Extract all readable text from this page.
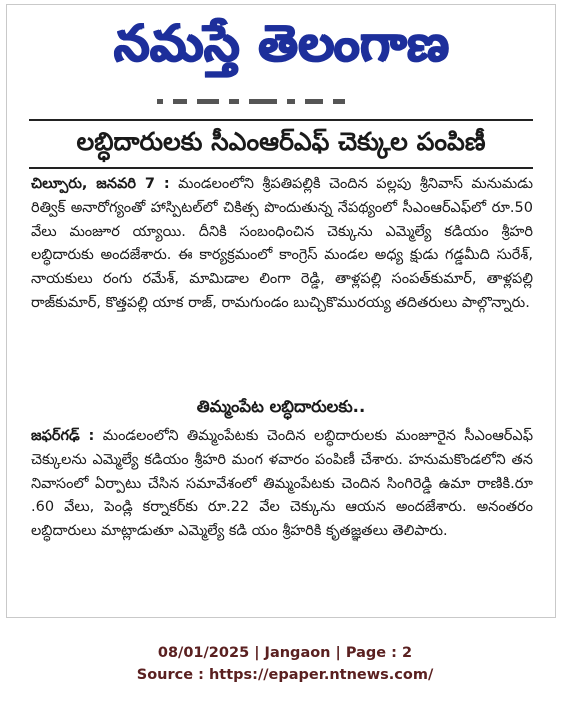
నమస్తే తెలంగాణ
లబ్ధిదారులకు సీఎంఆర్ఎఫ్ చెక్కుల పంపిణీ

చిల్పూరు, జనవరి 7 : మండలంలోని శ్రీపతిపల్లికి చెందిన పల్లపు శ్రీనివాస్ మనుమడు రిత్విక్ అనారోగ్యంతో హాస్పిటల్‌లో చికిత్స పొందుతున్న నేపథ్యంలో సీఎంఆర్ఎఫ్‌లో రూ.50 వేలు మంజూర య్యాయి. దీనికి సంబంధించిన చెక్కును ఎమ్మెల్యే కడియం శ్రీహరి లబ్ధిదారుకు అందజేశారు. ఈ కార్యక్రమంలో కాంగ్రెస్ మండల అధ్య క్షుడు గడ్డమీది సురేశ్, నాయకులు రంగు రమేశ్, మామిడాల లింగా రెడ్డి, తాళ్లపల్లి సంపత్‌కుమార్, తాళ్లపల్లి రాజ్‌కుమార్, కొత్తపల్లి యాక రాజ్, రామగుండం బుచ్చికొమురయ్య తదితరులు పాల్గొన్నారు.

తిమ్మంపేట లబ్ధిదారులకు..

జఫర్‌గఢ్ : మండలంలోని తిమ్మంపేటకు చెందిన లబ్ధిదారులకు మంజూరైన సీఎంఆర్ఎఫ్ చెక్కులను ఎమ్మెల్యే కడియం శ్రీహరి మంగ ళవారం పంపిణీ చేశారు. హనుమకొండలోని తన నివాసంలో ఏర్పాటు చేసిన సమావేశంలో తిమ్మంపేటకు చెందిన సింగిరెడ్డి ఉమా రాణికి.రూ .60 వేలు, పెండ్లి కర్నాకర్‌కు రూ.22 వేల చెక్కును ఆయన అందజేశారు. అనంతరం లబ్ధిదారులు మాట్లాడుతూ ఎమ్మెల్యే కడి యం శ్రీహరికి కృతజ్ఞతలు తెలిపారు.

08/01/2025 | Jangaon | Page : 2
Source : https://epaper.ntnews.com/
